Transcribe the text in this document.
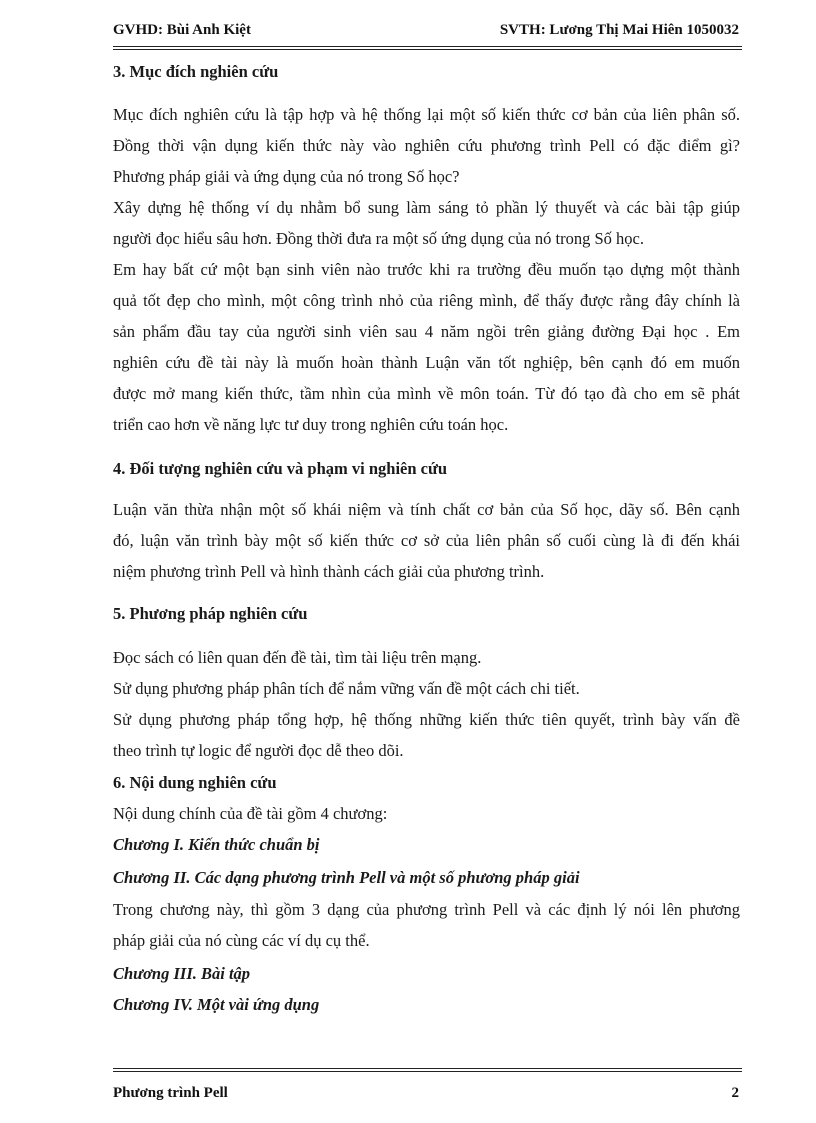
GVHD: Bùi Anh Kiệt	SVTH: Lương Thị Mai Hiên 1050032
3. Mục đích nghiên cứu
Mục đích nghiên cứu là tập hợp và hệ thống lại một số kiến thức cơ bản của liên phân số.
Đồng thời vận dụng kiến thức này vào nghiên cứu phương trình Pell có đặc điểm gì?
Phương pháp giải và ứng dụng của nó trong Số học?
Xây dựng hệ thống ví dụ nhằm bổ sung làm sáng tỏ phần lý thuyết và các bài tập giúp
người đọc hiểu sâu hơn. Đồng thời đưa ra một số ứng dụng của nó trong Số học.
Em hay bất cứ một bạn sinh viên nào trước khi ra trường đều muốn tạo dựng một thành
quả tốt đẹp cho mình, một công trình nhỏ của riêng mình, để thấy được rằng đây chính là
sản phẩm đầu tay của người sinh viên sau 4 năm ngồi trên giảng đường Đại học . Em
nghiên cứu đề tài này là muốn hoàn thành Luận văn tốt nghiệp, bên cạnh đó em muốn
được mở mang kiến thức, tầm nhìn của mình về môn toán. Từ đó tạo đà cho em sẽ phát
triển cao hơn về năng lực tư duy trong nghiên cứu toán học.
4. Đối tượng nghiên cứu và phạm vi nghiên cứu
Luận văn thừa nhận một số khái niệm và tính chất cơ bản của Số học, dãy số. Bên cạnh
đó, luận văn trình bày một số kiến thức cơ sở của liên phân số cuối cùng là đi đến khái
niệm phương trình Pell và hình thành cách giải của phương trình.
5. Phương pháp nghiên cứu
Đọc sách có liên quan đến đề tài, tìm tài liệu trên mạng.
Sử dụng phương pháp phân tích để nắm vững vấn đề một cách chi tiết.
Sử dụng phương pháp tổng hợp, hệ thống những kiến thức tiên quyết, trình bày vấn đề
theo trình tự logic để người đọc dễ theo dõi.
6. Nội dung nghiên cứu
Nội dung chính của đề tài gồm 4 chương:
Chương I. Kiến thức chuẩn bị
Chương II. Các dạng phương trình Pell và một số phương pháp giải
Trong chương này, thì gồm 3 dạng của phương trình Pell và các định lý nói lên phương
pháp giải của nó cùng các ví dụ cụ thể.
Chương III. Bài tập
Chương IV. Một vài ứng dụng
Phương trình Pell	2
